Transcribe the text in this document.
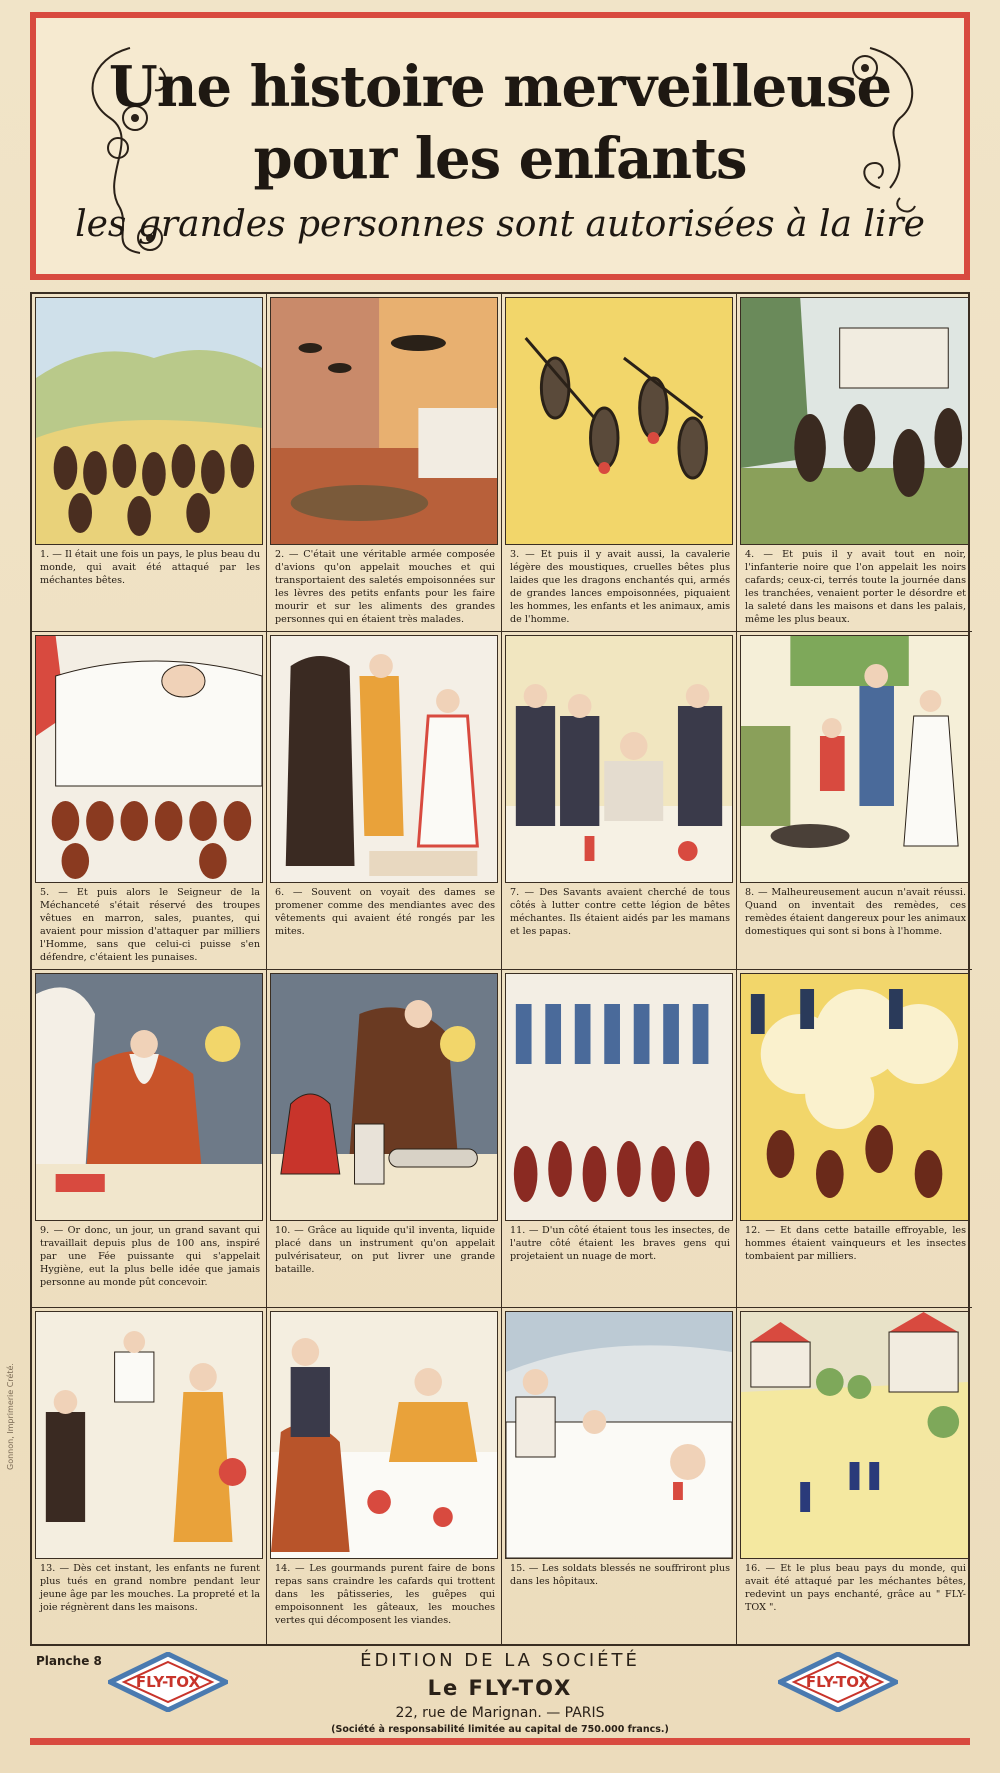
Une histoire merveilleuse
pour les enfants
les grandes personnes sont autorisées à la lire
1. — Il était une fois un pays, le plus beau du monde, qui avait été attaqué par les méchantes bêtes.
2. — C'était une véritable armée composée d'avions qu'on appelait mouches et qui transportaient des saletés empoisonnées sur les lèvres des petits enfants pour les faire mourir et sur les aliments des grandes personnes qui en étaient très malades.
3. — Et puis il y avait aussi, la cavalerie légère des moustiques, cruelles bêtes plus laides que les dragons enchantés qui, armés de grandes lances empoisonnées, piquaient les hommes, les enfants et les animaux, amis de l'homme.
4. — Et puis il y avait tout en noir, l'infanterie noire que l'on appelait les noirs cafards; ceux-ci, terrés toute la journée dans les tranchées, venaient porter le désordre et la saleté dans les maisons et dans les palais, même les plus beaux.
5. — Et puis alors le Seigneur de la Méchanceté s'était réservé des troupes vêtues en marron, sales, puantes, qui avaient pour mission d'attaquer par milliers l'Homme, sans que celui-ci puisse s'en défendre, c'étaient les punaises.
6. — Souvent on voyait des dames se promener comme des mendiantes avec des vêtements qui avaient été rongés par les mites.
7. — Des Savants avaient cherché de tous côtés à lutter contre cette légion de bêtes méchantes. Ils étaient aidés par les mamans et les papas.
8. — Malheureusement aucun n'avait réussi. Quand on inventait des remèdes, ces remèdes étaient dangereux pour les animaux domestiques qui sont si bons à l'homme.
9. — Or donc, un jour, un grand savant qui travaillait depuis plus de 100 ans, inspiré par une Fée puissante qui s'appelait Hygiène, eut la plus belle idée que jamais personne au monde pût concevoir.
10. — Grâce au liquide qu'il inventa, liquide placé dans un instrument qu'on appelait pulvérisateur, on put livrer une grande bataille.
11. — D'un côté étaient tous les insectes, de l'autre côté étaient les braves gens qui projetaient un nuage de mort.
12. — Et dans cette bataille effroyable, les hommes étaient vainqueurs et les insectes tombaient par milliers.
13. — Dès cet instant, les enfants ne furent plus tués en grand nombre pendant leur jeune âge par les mouches. La propreté et la joie régnèrent dans les maisons.
14. — Les gourmands purent faire de bons repas sans craindre les cafards qui trottent dans les pâtisseries, les guêpes qui empoisonnent les gâteaux, les mouches vertes qui décomposent les viandes.
15. — Les soldats blessés ne souffriront plus dans les hôpitaux.
16. — Et le plus beau pays du monde, qui avait été attaqué par les méchantes bêtes, redevint un pays enchanté, grâce au " FLY-TOX ".
Gonnon, Imprimerie Crété.
Planche 8
FLY-TOX
ÉDITION DE LA SOCIÉTÉ
Le FLY-TOX
22, rue de Marignan. — PARIS
(Société à responsabilité limitée au capital de 750.000 francs.)
FLY-TOX
